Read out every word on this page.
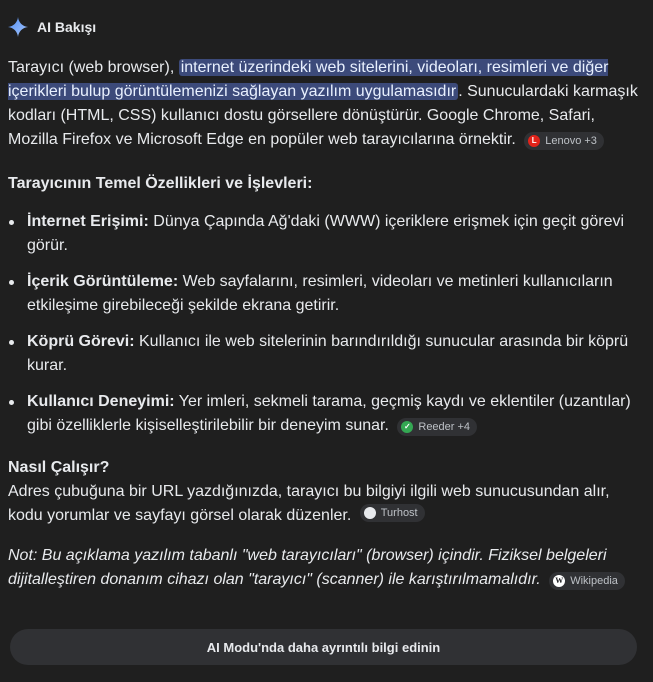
AI Bakışı

Tarayıcı (web browser), internet üzerindeki web sitelerini, videoları, resimleri ve diğer içerikleri bulup görüntülemenizi sağlayan yazılım uygulamasıdır . Sunuculardaki karmaşık kodları (HTML, CSS) kullanıcı dostu görsellere dönüştürür. Google Chrome, Safari, Mozilla Firefox ve Microsoft Edge en popüler web tarayıcılarına örnektir.	L Lenovo +3

Tarayıcının Temel Özellikleri ve İşlevleri:
İnternet Erişimi: Dünya Çapında Ağ'daki (WWW) içeriklere erişmek için geçit görevi görür.
İçerik Görüntüleme: Web sayfalarını, resimleri, videoları ve metinleri kullanıcıların etkileşime girebileceği şekilde ekrana getirir.
Köprü Görevi: Kullanıcı ile web sitelerinin barındırıldığı sunucular arasında bir köprü kurar.
Kullanıcı Deneyimi: Yer imleri, sekmeli tarama, geçmiş kaydı ve eklentiler (uzantılar) gibi özelliklerle kişiselleştirilebilir bir deneyim sunar.	✓ Reeder +4
Nasıl Çalışır?

Adres çubuğuna bir URL yazdığınızda, tarayıcı bu bilgiyi ilgili web sunucusundan alır, kodu yorumlar ve sayfayı görsel olarak düzenler.	Turhost

Not: Bu açıklama yazılım tabanlı "web tarayıcıları" (browser) içindir. Fiziksel belgeleri dijitalleştiren donanım cihazı olan "tarayıcı" (scanner) ile karıştırılmamalıdır. W Wikipedia

AI Modu'nda daha ayrıntılı bilgi edinin
